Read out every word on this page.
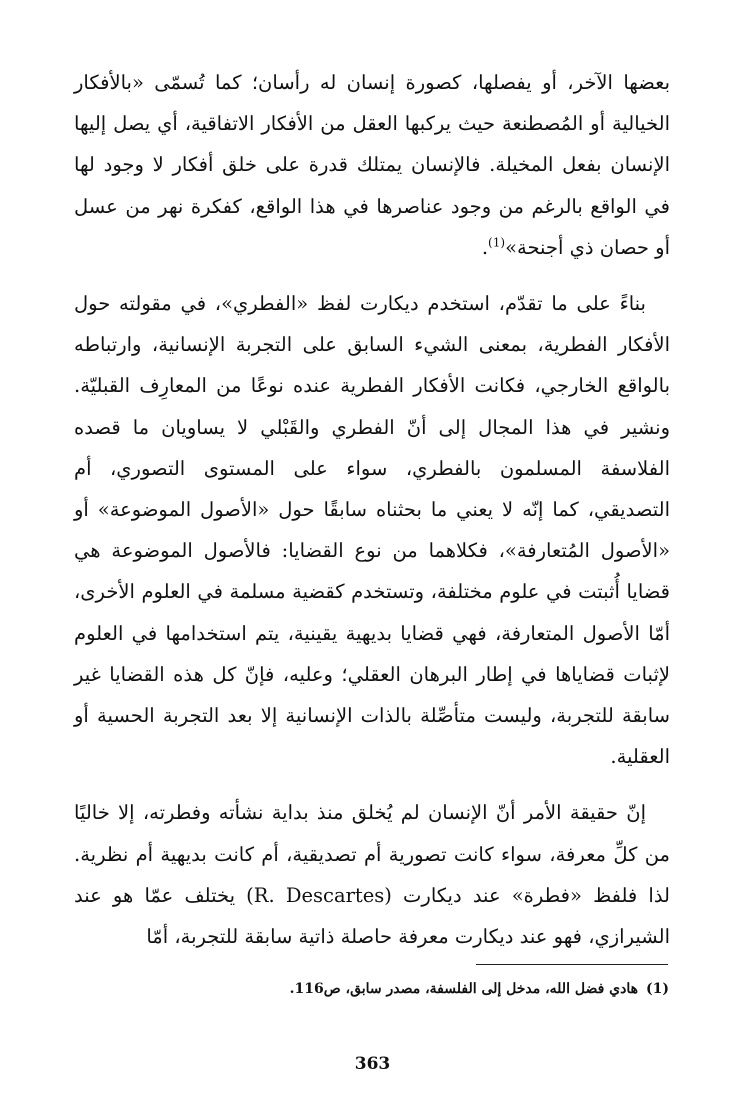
بعضها الآخر، أو يفصلها، كصورة إنسان له رأسان؛ كما تُسمّى «بالأفكار الخيالية أو المُصطنعة حيث يركبها العقل من الأفكار الاتفاقية، أي يصل إليها الإنسان بفعل المخيلة. فالإنسان يمتلك قدرة على خلق أفكار لا وجود لها في الواقع بالرغم من وجود عناصرها في هذا الواقع، كفكرة نهر من عسل أو حصان ذي أجنحة»$^{(1)}$.

بناءً على ما تقدّم، استخدم ديكارت لفظ «الفطري»، في مقولته حول الأفكار الفطرية، بمعنى الشيء السابق على التجربة الإنسانية، وارتباطه بالواقع الخارجي، فكانت الأفكار الفطرية عنده نوعًا من المعارِف القبليّة. ونشير في هذا المجال إلى أنّ الفطري والقَبْلي لا يساويان ما قصده الفلاسفة المسلمون بالفطري، سواء على المستوى التصوري، أم التصديقي، كما إنّه لا يعني ما بحثناه سابقًا حول «الأصول الموضوعة» أو «الأصول المُتعارفة»، فكلاهما من نوع القضايا: فالأصول الموضوعة هي قضايا أُثبتت في علوم مختلفة، وتستخدم كقضية مسلمة في العلوم الأخرى، أمّا الأصول المتعارفة، فهي قضايا بديهية يقينية، يتم استخدامها في العلوم لإثبات قضاياها في إطار البرهان العقلي؛ وعليه، فإنّ كل هذه القضايا غير سابقة للتجربة، وليست متأصِّلة بالذات الإنسانية إلا بعد التجربة الحسية أو العقلية.

إنّ حقيقة الأمر أنّ الإنسان لم يُخلق منذ بداية نشأته وفطرته، إلا خاليًا من كلِّ معرفة، سواء كانت تصورية أم تصديقية، أم كانت بديهية أم نظرية. لذا فلفظ «فطرة» عند ديكارت (R. Descartes) يختلف عمّا هو عند الشيرازي، فهو عند ديكارت معرفة حاصلة ذاتية سابقة للتجربة، أمّا

(1)هادي فضل الله، مدخل إلى الفلسفة، مصدر سابق، ص116.
363
